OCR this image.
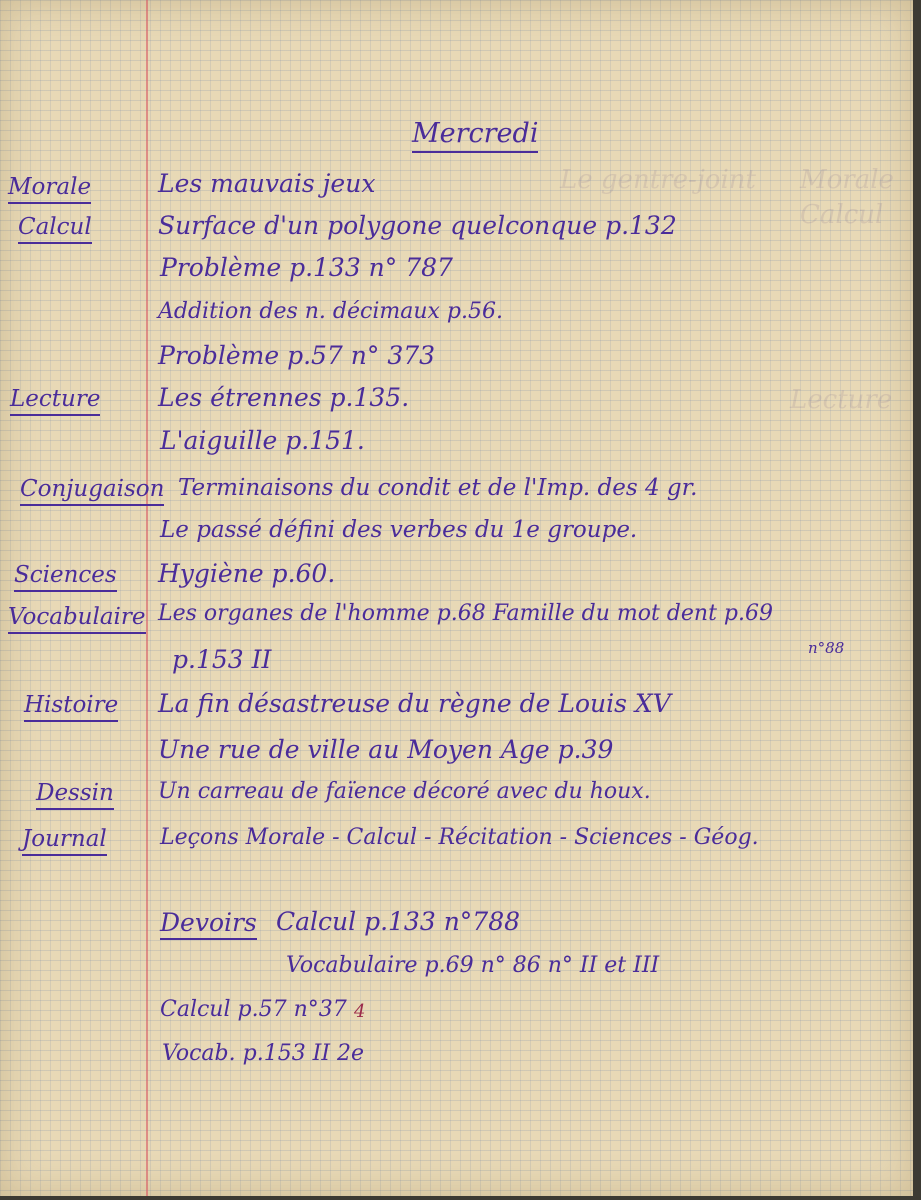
Morale
Calcul
Le gentre-joint
Lecture
Mercredi
Morale	Les mauvais jeux
Calcul	Surface d'un polygone quelconque p.132
Problème p.133 n° 787
Addition des n. décimaux p.56.
Problème p.57 n° 373
Lecture Les étrennes p.135.
L'aiguille p.151.
Conjugaison Terminaisons du condit et de l'Imp. des 4 gr.
Le passé défini des verbes du 1e groupe.
Sciences Hygiène p.60.
Vocabulaire Les organes de l'homme p.68 Famille du mot dent p.69
n°88
p.153 II
Histoire La fin désastreuse du règne de Louis XV
Une rue de ville au Moyen Age p.39
Dessin Un carreau de faïence décoré avec du houx.
Journal Leçons Morale - Calcul - Récitation - Sciences - Géog.
Devoirs Calcul p.133 n°788
Vocabulaire p.69 n° 86 n° II et III
Calcul p.57 n°37 4
Vocab. p.153 II 2e
